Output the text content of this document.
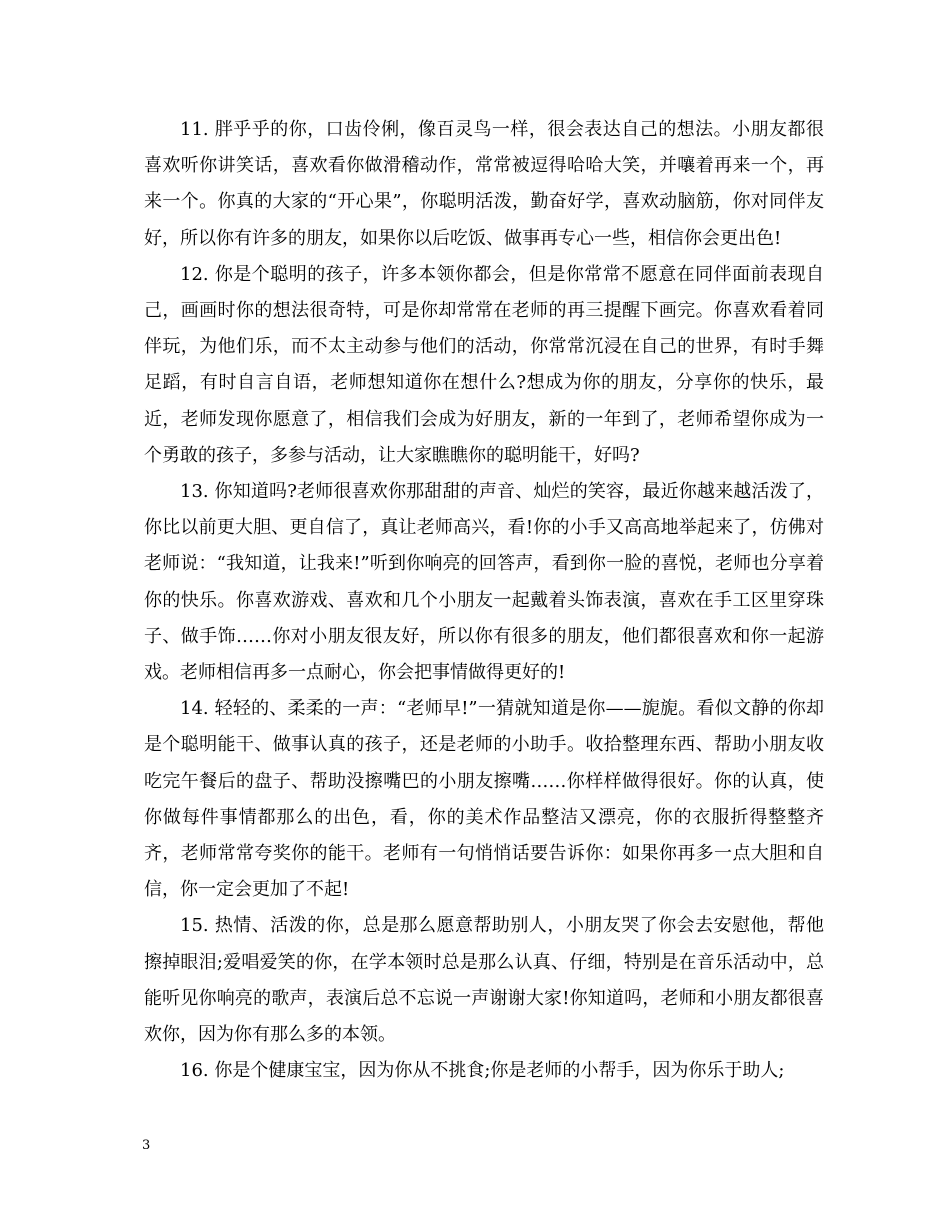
11. 胖乎乎的你，口齿伶俐，像百灵鸟一样，很会表达自己的想法。小朋友都很喜欢听你讲笑话，喜欢看你做滑稽动作，常常被逗得哈哈大笑，并嚷着再来一个，再来一个。你真的大家的“开心果”，你聪明活泼，勤奋好学，喜欢动脑筋，你对同伴友好，所以你有许多的朋友，如果你以后吃饭、做事再专心一些，相信你会更出色!

12. 你是个聪明的孩子，许多本领你都会，但是你常常不愿意在同伴面前表现自己，画画时你的想法很奇特，可是你却常常在老师的再三提醒下画完。你喜欢看着同伴玩，为他们乐，而不太主动参与他们的活动，你常常沉浸在自己的世界，有时手舞足蹈，有时自言自语，老师想知道你在想什么?想成为你的朋友，分享你的快乐，最近，老师发现你愿意了，相信我们会成为好朋友，新的一年到了，老师希望你成为一个勇敢的孩子，多参与活动，让大家瞧瞧你的聪明能干，好吗?

13. 你知道吗?老师很喜欢你那甜甜的声音、灿烂的笑容，最近你越来越活泼了，你比以前更大胆、更自信了，真让老师高兴，看!你的小手又高高地举起来了，仿佛对老师说：“我知道，让我来!”听到你响亮的回答声，看到你一脸的喜悦，老师也分享着你的快乐。你喜欢游戏、喜欢和几个小朋友一起戴着头饰表演，喜欢在手工区里穿珠子、做手饰……你对小朋友很友好，所以你有很多的朋友，他们都很喜欢和你一起游戏。老师相信再多一点耐心，你会把事情做得更好的!

14. 轻轻的、柔柔的一声：“老师早!”一猜就知道是你——旎旎。看似文静的你却是个聪明能干、做事认真的孩子，还是老师的小助手。收拾整理东西、帮助小朋友收吃完午餐后的盘子、帮助没擦嘴巴的小朋友擦嘴……你样样做得很好。你的认真，使你做每件事情都那么的出色，看，你的美术作品整洁又漂亮，你的衣服折得整整齐齐，老师常常夸奖你的能干。老师有一句悄悄话要告诉你：如果你再多一点大胆和自信，你一定会更加了不起!

15. 热情、活泼的你，总是那么愿意帮助别人，小朋友哭了你会去安慰他，帮他擦掉眼泪;爱唱爱笑的你，在学本领时总是那么认真、仔细，特别是在音乐活动中，总能听见你响亮的歌声，表演后总不忘说一声谢谢大家!你知道吗，老师和小朋友都很喜欢你，因为你有那么多的本领。

16. 你是个健康宝宝，因为你从不挑食;你是老师的小帮手，因为你乐于助人;

3
